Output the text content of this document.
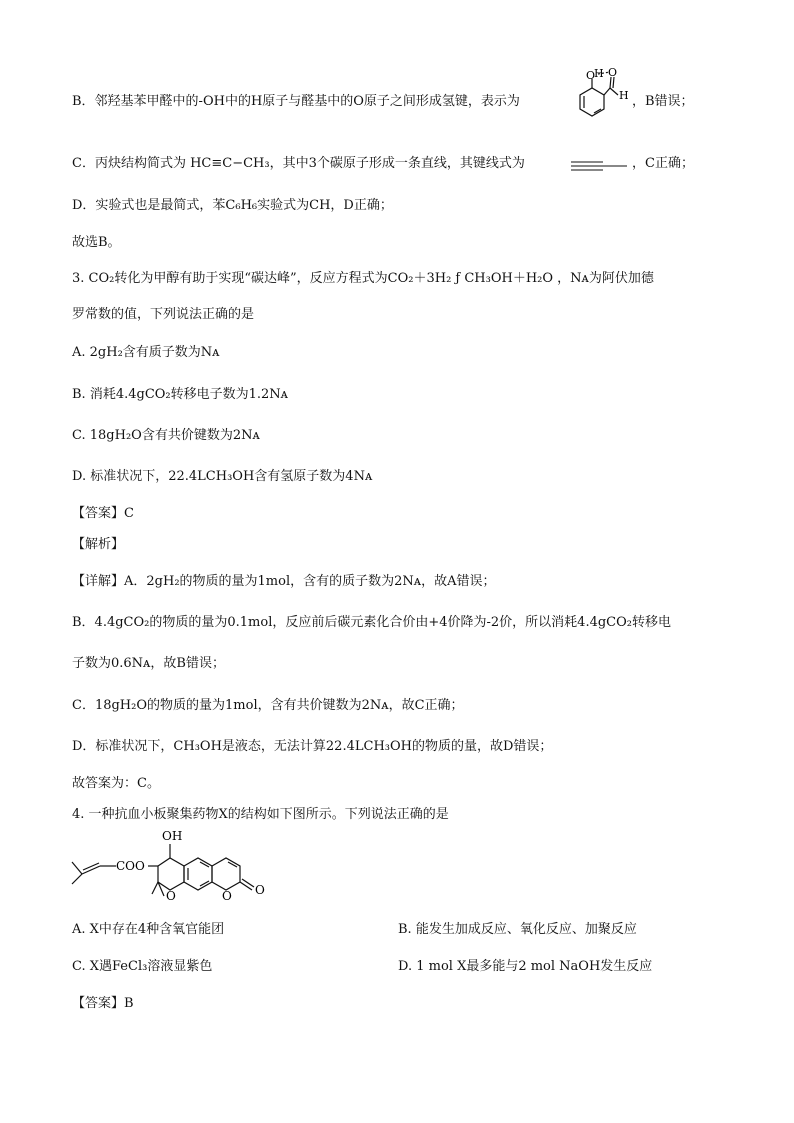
B．邻羟基苯甲醛中的-OH中的H原子与醛基中的O原子之间形成氢键，表示为	，B错误；
O
H O
H
C．丙炔结构简式为 HC≡C−CH₃，其中3个碳原子形成一条直线，其键线式为	，C正确；
D．实验式也是最简式，苯C₆H₆实验式为CH，D正确；
故选B。
3. CO₂转化为甲醇有助于实现“碳达峰”，反应方程式为CO₂＋3H₂ ƒ CH₃OH＋H₂O ，Nᴀ为阿伏加德
罗常数的值，下列说法正确的是
A. 2gH₂含有质子数为Nᴀ
B. 消耗4.4gCO₂转移电子数为1.2Nᴀ
C. 18gH₂O含有共价键数为2Nᴀ
D. 标准状况下，22.4LCH₃OH含有氢原子数为4Nᴀ
【答案】C
【解析】
【详解】A．2gH₂的物质的量为1mol，含有的质子数为2Nᴀ，故A错误；
B．4.4gCO₂的物质的量为0.1mol，反应前后碳元素化合价由+4价降为-2价，所以消耗4.4gCO₂转移电
子数为0.6Nᴀ，故B错误；
C．18gH₂O的物质的量为1mol，含有共价键数为2Nᴀ，故C正确；
D．标准状况下，CH₃OH是液态，无法计算22.4LCH₃OH的物质的量，故D错误；
故答案为：C。
4. 一种抗血小板聚集药物X的结构如下图所示。下列说法正确的是
COO
OH
O	O O
A. X中存在4种含氧官能团	B. 能发生加成反应、氧化反应、加聚反应
C. X遇FeCl₃溶液显紫色	D. 1 mol X最多能与2 mol NaOH发生反应
【答案】B
